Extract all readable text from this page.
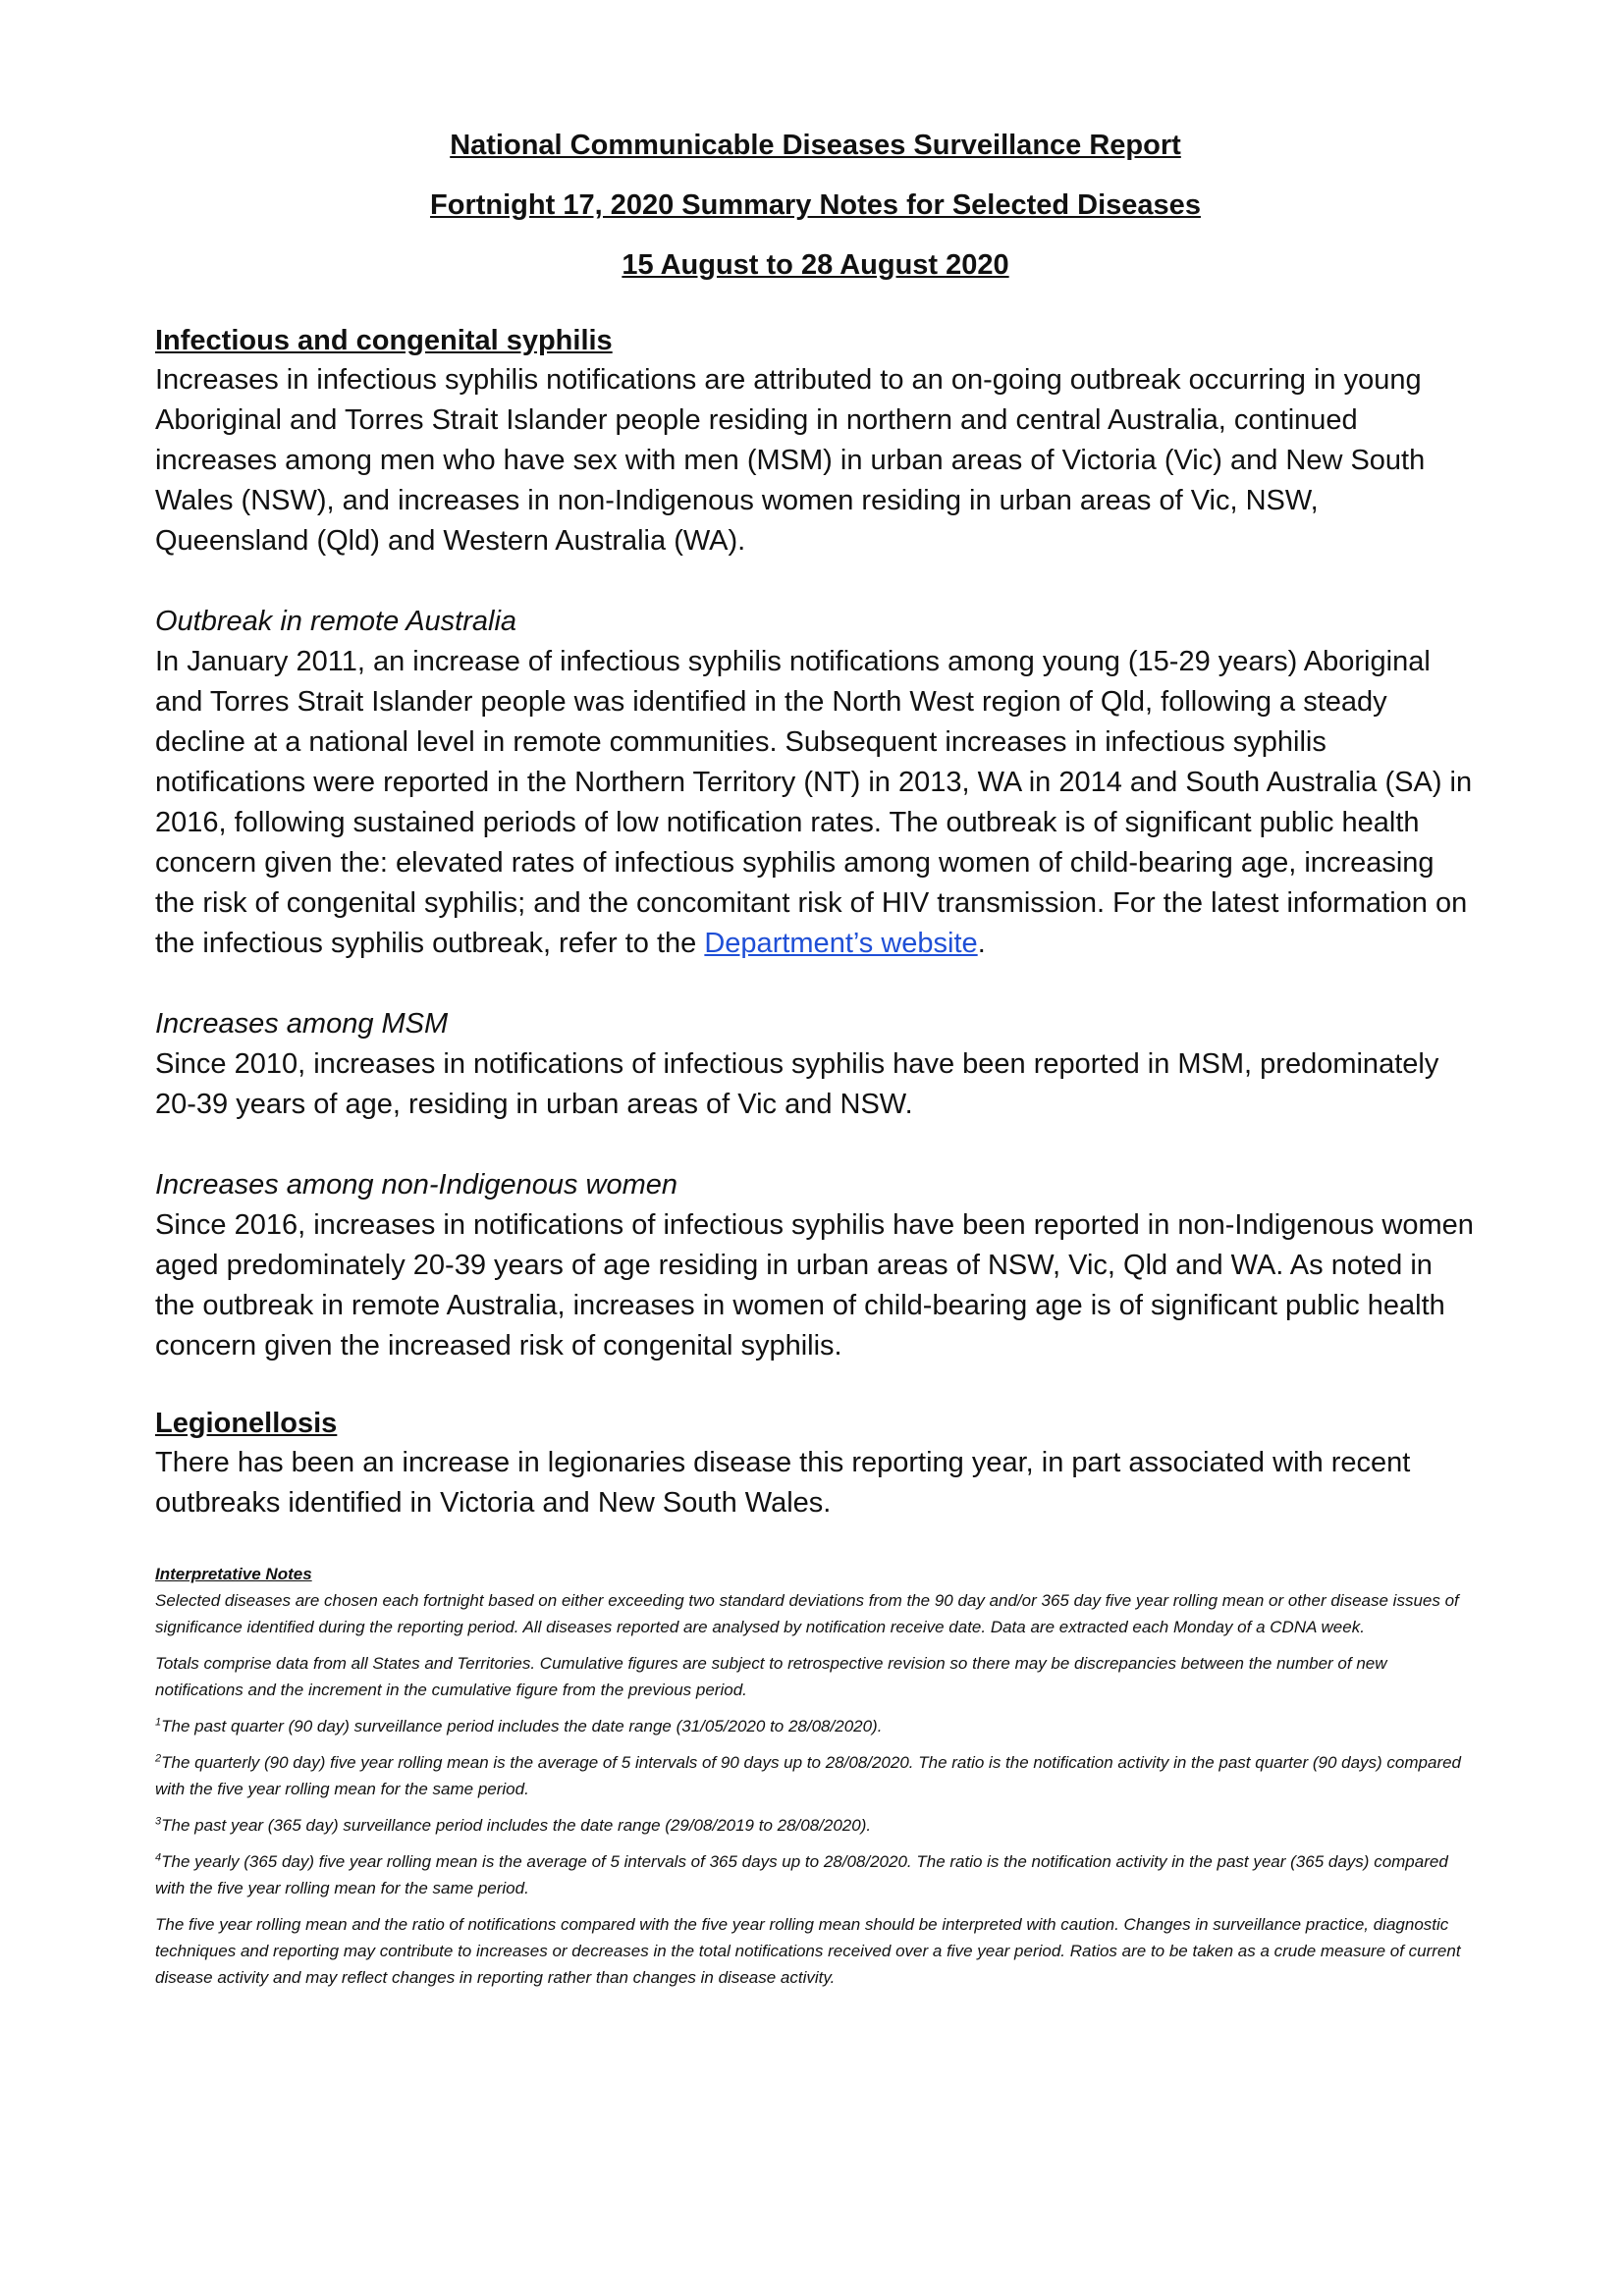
National Communicable Diseases Surveillance Report

Fortnight 17, 2020 Summary Notes for Selected Diseases

15 August to 28 August 2020

Infectious and congenital syphilis

Increases in infectious syphilis notifications are attributed to an on-going outbreak occurring in young Aboriginal and Torres Strait Islander people residing in northern and central Australia, continued increases among men who have sex with men (MSM) in urban areas of Victoria (Vic) and New South Wales (NSW), and increases in non-Indigenous women residing in urban areas of Vic, NSW, Queensland (Qld) and Western Australia (WA).

Outbreak in remote Australia

In January 2011, an increase of infectious syphilis notifications among young (15-29 years) Aboriginal and Torres Strait Islander people was identified in the North West region of Qld, following a steady decline at a national level in remote communities. Subsequent increases in infectious syphilis notifications were reported in the Northern Territory (NT) in 2013, WA in 2014 and South Australia (SA) in 2016, following sustained periods of low notification rates. The outbreak is of significant public health concern given the: elevated rates of infectious syphilis among women of child-bearing age, increasing the risk of congenital syphilis; and the concomitant risk of HIV transmission. For the latest information on the infectious syphilis outbreak, refer to the Department’s website.

Increases among MSM

Since 2010, increases in notifications of infectious syphilis have been reported in MSM, predominately 20-39 years of age, residing in urban areas of Vic and NSW.

Increases among non-Indigenous women

Since 2016, increases in notifications of infectious syphilis have been reported in non-Indigenous women aged predominately 20-39 years of age residing in urban areas of NSW, Vic, Qld and WA. As noted in the outbreak in remote Australia, increases in women of child-bearing age is of significant public health concern given the increased risk of congenital syphilis.

Legionellosis

There has been an increase in legionaries disease this reporting year, in part associated with recent outbreaks identified in Victoria and New South Wales.

Interpretative Notes

Selected diseases are chosen each fortnight based on either exceeding two standard deviations from the 90 day and/or 365 day five year rolling mean or other disease issues of significance identified during the reporting period. All diseases reported are analysed by notification receive date. Data are extracted each Monday of a CDNA week.

Totals comprise data from all States and Territories. Cumulative figures are subject to retrospective revision so there may be discrepancies between the number of new notifications and the increment in the cumulative figure from the previous period.

$^1$The past quarter (90 day) surveillance period includes the date range (31/05/2020 to 28/08/2020).

$^2$The quarterly (90 day) five year rolling mean is the average of 5 intervals of 90 days up to 28/08/2020. The ratio is the notification activity in the past quarter (90 days) compared with the five year rolling mean for the same period.

$^3$The past year (365 day) surveillance period includes the date range (29/08/2019 to 28/08/2020).

$^4$The yearly (365 day) five year rolling mean is the average of 5 intervals of 365 days up to 28/08/2020. The ratio is the notification activity in the past year (365 days) compared with the five year rolling mean for the same period.

The five year rolling mean and the ratio of notifications compared with the five year rolling mean should be interpreted with caution. Changes in surveillance practice, diagnostic techniques and reporting may contribute to increases or decreases in the total notifications received over a five year period. Ratios are to be taken as a crude measure of current disease activity and may reflect changes in reporting rather than changes in disease activity.
